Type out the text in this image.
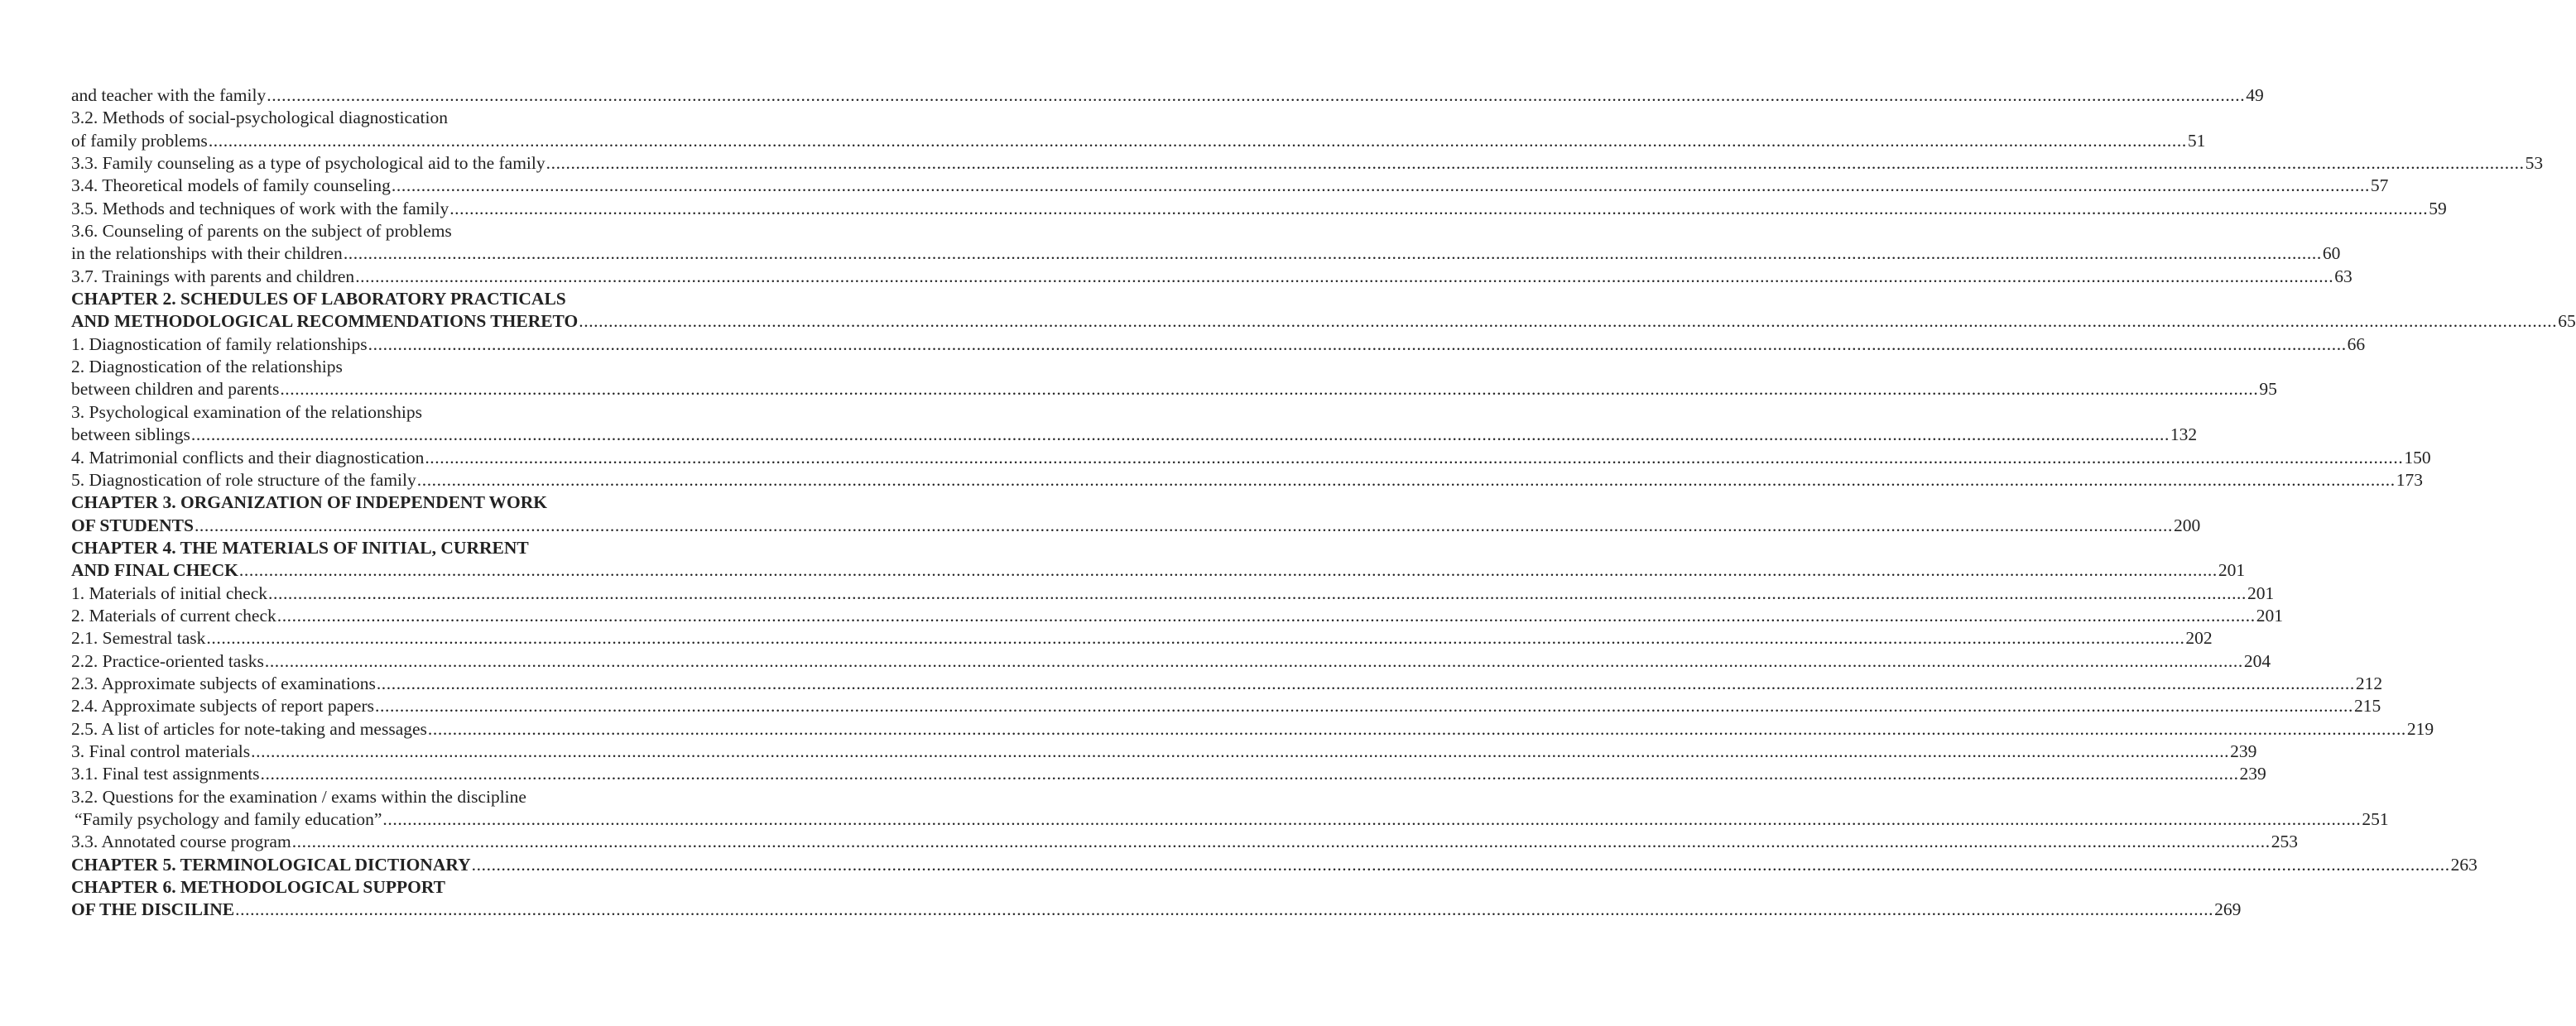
and teacher with the family ................................................................................................................................................................................................................................................................................................................................................................................................................ 49
3.2. Methods of social-psychological diagnostication
of family problems ................................................................................................................................................................................................................................................................................................................................................................................................................ 51
3.3. Family counseling as a type of psychological aid to the family ................................................................................................................................................................................................................................................................................................................................................................................................................ 53
3.4. Theoretical models of family counseling ................................................................................................................................................................................................................................................................................................................................................................................................................ 57
3.5. Methods and techniques of work with the family ................................................................................................................................................................................................................................................................................................................................................................................................................ 59
3.6. Counseling of parents on the subject of problems
in the relationships with their children ................................................................................................................................................................................................................................................................................................................................................................................................................ 60
3.7. Trainings with parents and children ................................................................................................................................................................................................................................................................................................................................................................................................................ 63
CHAPTER 2. SCHEDULES OF LABORATORY PRACTICALS
AND METHODOLOGICAL RECOMMENDATIONS THERETO ................................................................................................................................................................................................................................................................................................................................................................................................................ 65
1. Diagnostication of family relationships ................................................................................................................................................................................................................................................................................................................................................................................................................ 66
2. Diagnostication of the relationships
between children and parents ................................................................................................................................................................................................................................................................................................................................................................................................................ 95
3. Psychological examination of the relationships
between siblings ................................................................................................................................................................................................................................................................................................................................................................................................................ 132
4. Matrimonial conflicts and their diagnostication ................................................................................................................................................................................................................................................................................................................................................................................................................ 150
5. Diagnostication of role structure of the family ................................................................................................................................................................................................................................................................................................................................................................................................................ 173
CHAPTER 3. ORGANIZATION OF INDEPENDENT WORK
OF STUDENTS ................................................................................................................................................................................................................................................................................................................................................................................................................ 200
CHAPTER 4. THE MATERIALS OF INITIAL, CURRENT
AND FINAL CHECK ................................................................................................................................................................................................................................................................................................................................................................................................................ 201
1. Materials of initial check ................................................................................................................................................................................................................................................................................................................................................................................................................ 201
2. Materials of current check ................................................................................................................................................................................................................................................................................................................................................................................................................ 201
2.1. Semestral task ................................................................................................................................................................................................................................................................................................................................................................................................................ 202
2.2. Practice-oriented tasks ................................................................................................................................................................................................................................................................................................................................................................................................................ 204
2.3. Approximate subjects of examinations ................................................................................................................................................................................................................................................................................................................................................................................................................ 212
2.4. Approximate subjects of report papers ................................................................................................................................................................................................................................................................................................................................................................................................................ 215
2.5. A list of articles for note-taking and messages ................................................................................................................................................................................................................................................................................................................................................................................................................ 219
3. Final control materials ................................................................................................................................................................................................................................................................................................................................................................................................................ 239
3.1. Final test assignments ................................................................................................................................................................................................................................................................................................................................................................................................................ 239
3.2. Questions for the examination / exams within the discipline
“Family psychology and family education” ................................................................................................................................................................................................................................................................................................................................................................................................................ 251
3.3. Annotated course program ................................................................................................................................................................................................................................................................................................................................................................................................................ 253
CHAPTER 5. TERMINOLOGICAL DICTIONARY ................................................................................................................................................................................................................................................................................................................................................................................................................ 263
CHAPTER 6. METHODOLOGICAL SUPPORT
OF THE DISCILINE ................................................................................................................................................................................................................................................................................................................................................................................................................ 269
